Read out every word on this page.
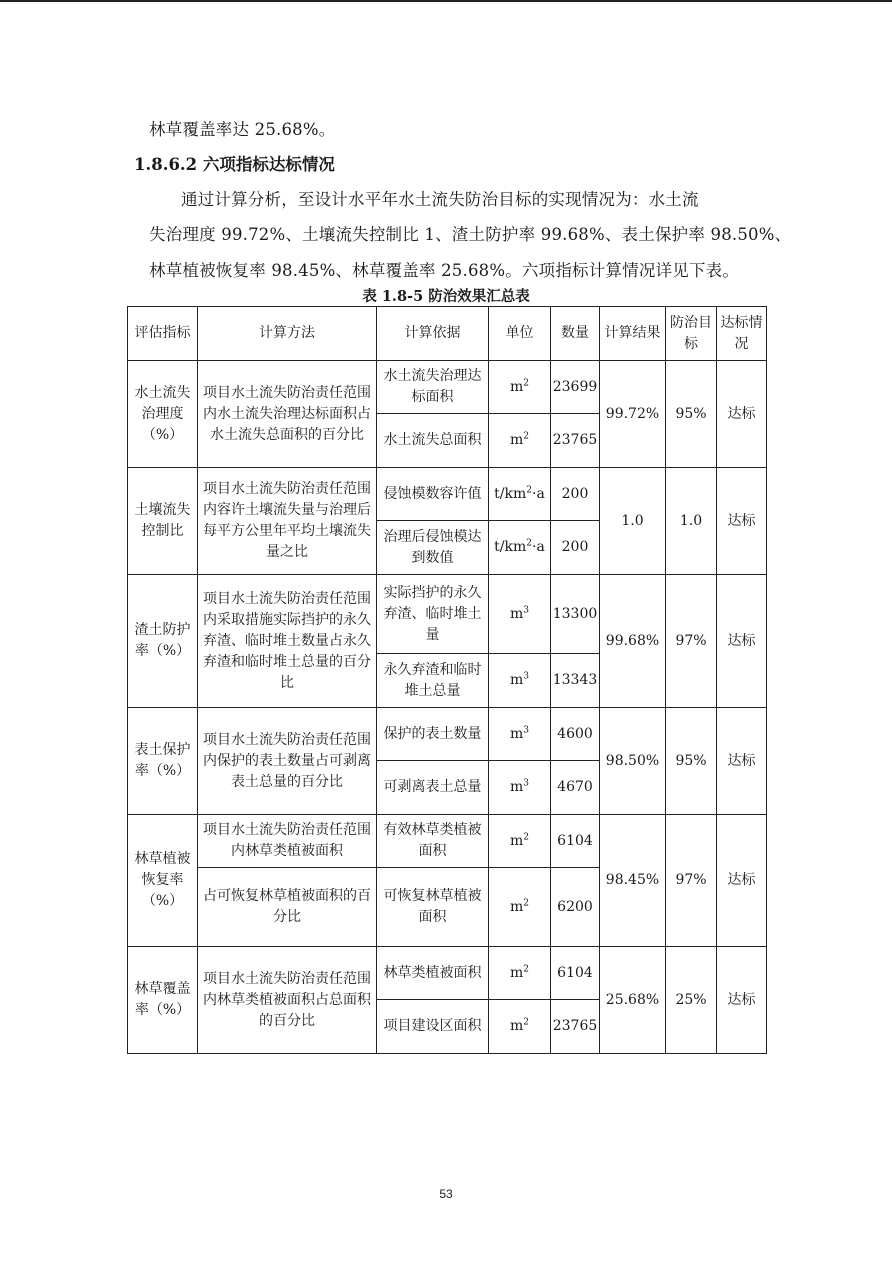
林草覆盖率达 25.68%。
1.8.6.2 六项指标达标情况
通过计算分析，至设计水平年水土流失防治目标的实现情况为：水土流
失治理度 99.72%、土壤流失控制比 1、渣土防护率 99.68%、表土保护率 98.50%、
林草植被恢复率 98.45%、林草覆盖率 25.68%。六项指标计算情况详见下表。
表 1.8-5 防治效果汇总表
评估指标	计算方法	计算依据	单位	数量	计算结果	防治目标	达标情况
水土流失治理度（%）	项目水土流失防治责任范围内水土流失治理达标面积占水土流失总面积的百分比	水土流失治理达标面积	$m^2$	23699	99.72%	95%	达标
		水土流失总面积	$m^2$	23765			
土壤流失控制比	项目水土流失防治责任范围内容许土壤流失量与治理后每平方公里年平均土壤流失量之比	侵蚀模数容许值	$t/km^2\cdot a$	200	1.0	1.0	达标
		治理后侵蚀模达到数值	$t/km^2\cdot a$	200			
渣土防护率（%）	项目水土流失防治责任范围内采取措施实际挡护的永久弃渣、临时堆土数量占永久弃渣和临时堆土总量的百分比	实际挡护的永久弃渣、临时堆土量	$m^3$	13300	99.68%	97%	达标
		永久弃渣和临时堆土总量	$m^3$	13343			
表土保护率（%）	项目水土流失防治责任范围内保护的表土数量占可剥离表土总量的百分比	保护的表土数量	$m^3$	4600	98.50%	95%	达标
		可剥离表土总量	$m^3$	4670			
林草植被恢复率（%）	项目水土流失防治责任范围内林草类植被面积	有效林草类植被面积	$m^2$	6104	98.45%	97%	达标
	占可恢复林草植被面积的百分比	可恢复林草植被面积	$m^2$	6200			
林草覆盖率（%）	项目水土流失防治责任范围内林草类植被面积占总面积的百分比	林草类植被面积	$m^2$	6104	25.68%	25%	达标
		项目建设区面积	$m^2$	23765			
53
